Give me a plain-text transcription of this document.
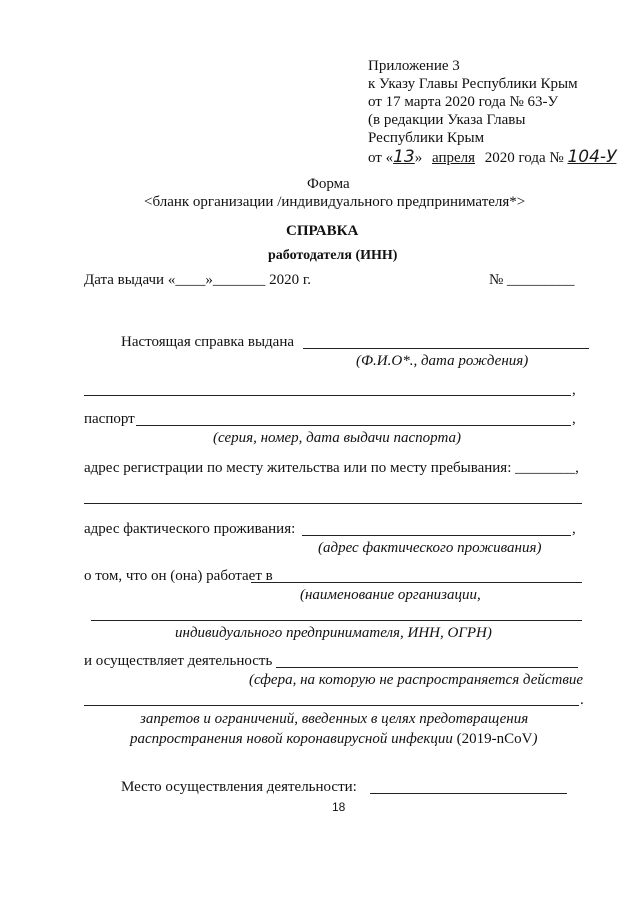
Приложение 3
к Указу Главы Республики Крым
от 17 марта 2020 года № 63-У
(в редакции Указа Главы
Республики Крым
от «13» апреля 2020 года № 104-У
Форма
<бланк организации /индивидуального предпринимателя*>
СПРАВКА
работодателя (ИНН)
Дата выдачи «____»_______ 2020 г.	№ _________
Настоящая справка выдана
(Ф.И.О*., дата рождения)
,
паспорт	,
(серия, номер, дата выдачи паспорта)
адрес регистрации по месту жительства или по месту пребывания: ________,
адрес фактического проживания:	,
(адрес фактического проживания)
о том, что он (она) работает в
(наименование организации,
индивидуального предпринимателя, ИНН, ОГРН)
и осуществляет деятельность
(сфера, на которую не распространяется действие
.
запретов и ограничений, введенных в целях предотвращения
распространения новой коронавирусной инфекции (2019-nCoV)
Место осуществления деятельности:
18
